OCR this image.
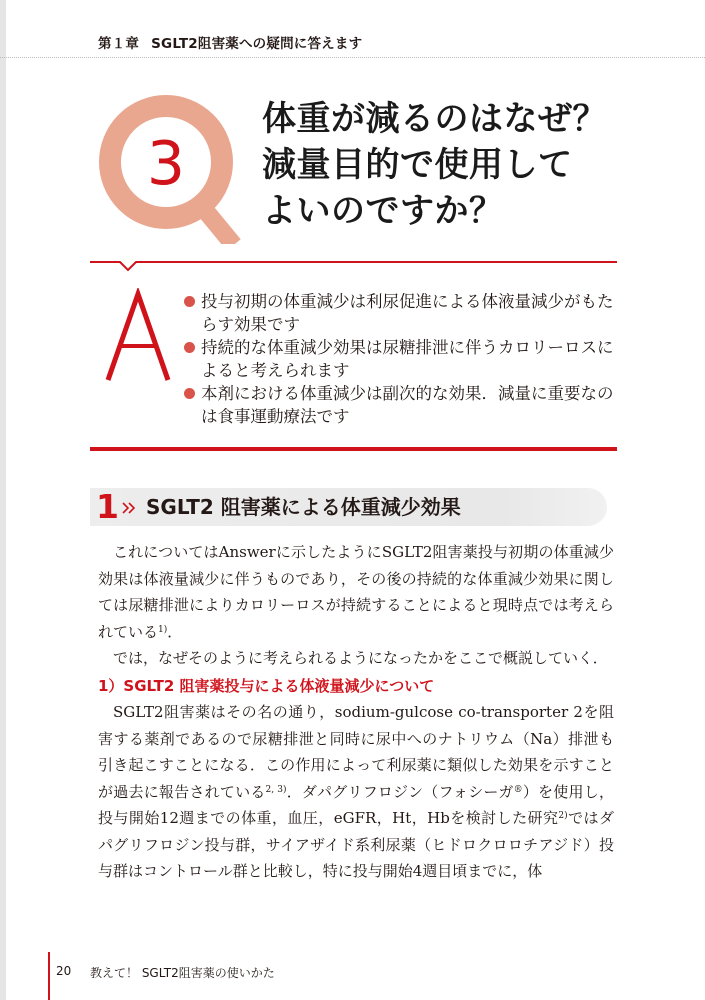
第１章 SGLT2阻害薬への疑問に答えます
3
体重が減るのはなぜ？
減量目的で使用して
よいのですか？
投与初期の体重減少は利尿促進による体液量減少がもたらす効果です
持続的な体重減少効果は尿糖排泄に伴うカロリーロスによると考えられます
本剤における体重減少は副次的な効果．減量に重要なのは食事運動療法です
1 SGLT2 阻害薬による体重減少効果

これについてはAnswerに示したようにSGLT2阻害薬投与初期の体重減少効果は体液量減少に伴うものであり，その後の持続的な体重減少効果に関しては尿糖排泄によりカロリーロスが持続することによると現時点では考えられている$^{1)}$．

では，なぜそのように考えられるようになったかをここで概説していく．

1）SGLT2 阻害薬投与による体液量減少について

SGLT2阻害薬はその名の通り，sodium-gulcose co-transporter 2を阻害する薬剤であるので尿糖排泄と同時に尿中へのナトリウム（Na）排泄も引き起こすことになる．この作用によって利尿薬に類似した効果を示すことが過去に報告されている$^{2, 3)}$．ダパグリフロジン（フォシーガ®）を使用し，投与開始12週までの体重，血圧，eGFR，Ht，Hbを検討した研究$^{2)}$ではダパグリフロジン投与群，サイアザイド系利尿薬（ヒドロクロロチアジド）投与群はコントロール群と比較し，特に投与開始4週目頃までに，体

20 教えて！ SGLT2阻害薬の使いかた
